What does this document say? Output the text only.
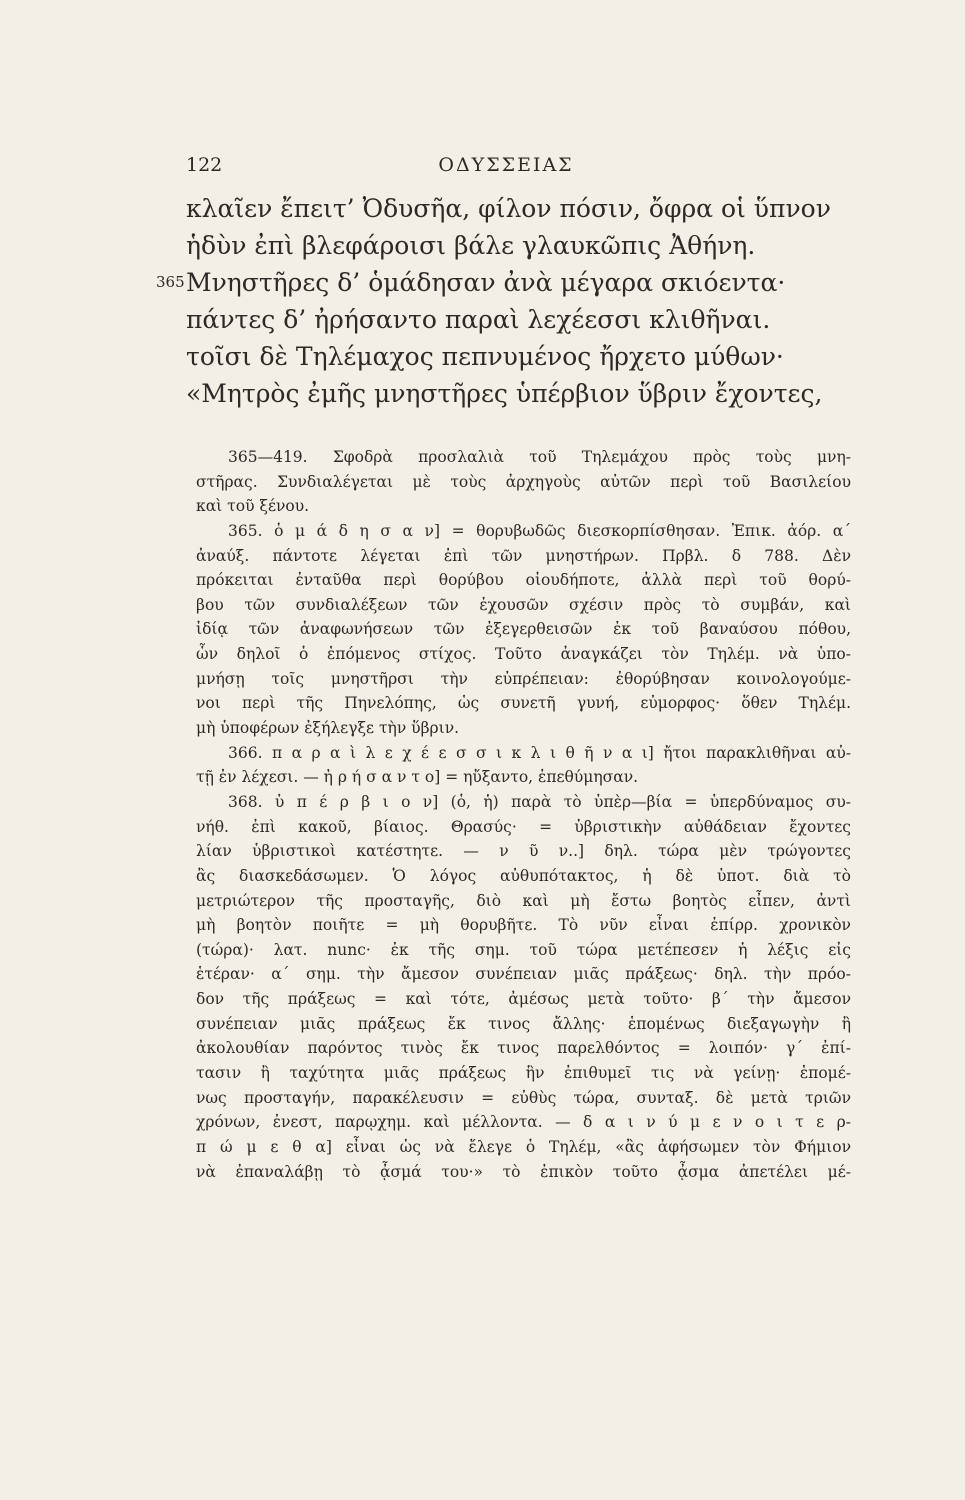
122	ΟΔΥΣΣΕΙΑΣ
κλαῖεν ἔπειτ’ Ὀδυσῆα, φίλον πόσιν, ὄφρα οἱ ὕπνον
ἡδὺν ἐπὶ βλεφάροισι βάλε γλαυκῶπις Ἀθήνη.
365 Μνηστῆρες δ’ ὁμάδησαν ἀνὰ μέγαρα σκιόεντα·
πάντες δ’ ἠρήσαντο παραὶ λεχέεσσι κλιθῆναι.
τοῖσι δὲ Τηλέμαχος πεπνυμένος ἤρχετο μύθων·
«Μητρὸς ἐμῆς μνηστῆρες ὑπέρβιον ὕβριν ἔχοντες,
365—419. Σφοδρὰ προσλαλιὰ τοῦ Τηλεμάχου πρὸς τοὺς μνη-
στῆρας. Συνδιαλέγεται μὲ τοὺς ἀρχηγοὺς αὐτῶν περὶ τοῦ Βασιλείου
καὶ τοῦ ξένου.
365. ὁ μ ά δ η σ α ν] = θορυβωδῶς διεσκορπίσθησαν. Ἐπικ. ἀόρ. α΄
ἀναύξ. πάντοτε λέγεται ἐπὶ τῶν μνηστήρων. Πρβλ. δ 788. Δὲν
πρόκειται ἐνταῦθα περὶ θορύβου οἱουδήποτε, ἀλλὰ περὶ τοῦ θορύ-
βου τῶν συνδιαλέξεων τῶν ἐχουσῶν σχέσιν πρὸς τὸ συμβάν, καὶ
ἰδίᾳ τῶν ἀναφωνήσεων τῶν ἐξεγερθεισῶν ἐκ τοῦ βαναύσου πόθου,
ὧν δηλοῖ ὁ ἑπόμενος στίχος. Τοῦτο ἀναγκάζει τὸν Τηλέμ. νὰ ὑπο-
μνήσῃ τοῖς μνηστῆρσι τὴν εὐπρέπειαν: ἐθορύβησαν κοινολογούμε-
νοι περὶ τῆς Πηνελόπης, ὡς συνετῆ γυνή, εὐμορφος· ὅθεν Τηλέμ.
μὴ ὑποφέρων ἐξήλεγξε τὴν ὕβριν.
366. π α ρ α ὶ λ ε χ έ ε σ σ ι κ λ ι θ ῆ ν α ι] ἤτοι παρακλιθῆναι αὐ-
τῇ ἐν λέχεσι. — ἠ ρ ή σ α ν τ ο] = ηὔξαντο, ἐπεθύμησαν.
368. ὑ π έ ρ β ι ο ν] (ὁ, ἡ) παρὰ τὸ ὑπὲρ—βία = ὑπερδύναμος συ-
νήθ. ἐπὶ κακοῦ, βίαιος. Θρασύς· = ὑβριστικὴν αὐθάδειαν ἔχοντες
λίαν ὑβριστικοὶ κατέστητε. — ν ῦ ν..] δηλ. τώρα μὲν τρώγοντες
ἂς διασκεδάσωμεν. Ὁ λόγος αὐθυπότακτος, ἡ δὲ ὑποτ. διὰ τὸ
μετριώτερον τῆς προσταγῆς, διὸ καὶ μὴ ἔστω βοητὸς εἶπεν, ἀντὶ
μὴ βοητὸν ποιῆτε = μὴ θορυβῆτε. Τὸ νῦν εἶναι ἐπίρρ. χρονικὸν
(τώρα)· λατ. nunc· ἐκ τῆς σημ. τοῦ τώρα μετέπεσεν ἡ λέξις εἰς
ἑτέραν· α΄ σημ. τὴν ἄμεσον συνέπειαν μιᾶς πράξεως· δηλ. τὴν πρόο-
δον τῆς πράξεως = καὶ τότε, ἀμέσως μετὰ τοῦτο· β΄ τὴν ἄμεσον
συνέπειαν μιᾶς πράξεως ἔκ τινος ἄλλης· ἑπομένως διεξαγωγὴν ἢ
ἀκολουθίαν παρόντος τινὸς ἔκ τινος παρελθόντος = λοιπόν· γ΄ ἐπί-
τασιν ἢ ταχύτητα μιᾶς πράξεως ἣν ἐπιθυμεῖ τις νὰ γείνῃ· ἑπομέ-
νως προσταγήν, παρακέλευσιν = εὐθὺς τώρα, συνταξ. δὲ μετὰ τριῶν
χρόνων, ἐνεστ, παρῳχημ. καὶ μέλλοντα. — δ α ι ν ύ μ ε ν ο ι τ ε ρ-
π ώ μ ε θ α] εἶναι ὡς νὰ ἔλεγε ὁ Τηλέμ, «ἂς ἀφήσωμεν τὸν Φήμιον
νὰ ἐπαναλάβῃ τὸ ᾆσμά του·» τὸ ἐπικὸν τοῦτο ᾆσμα ἀπετέλει μέ-
